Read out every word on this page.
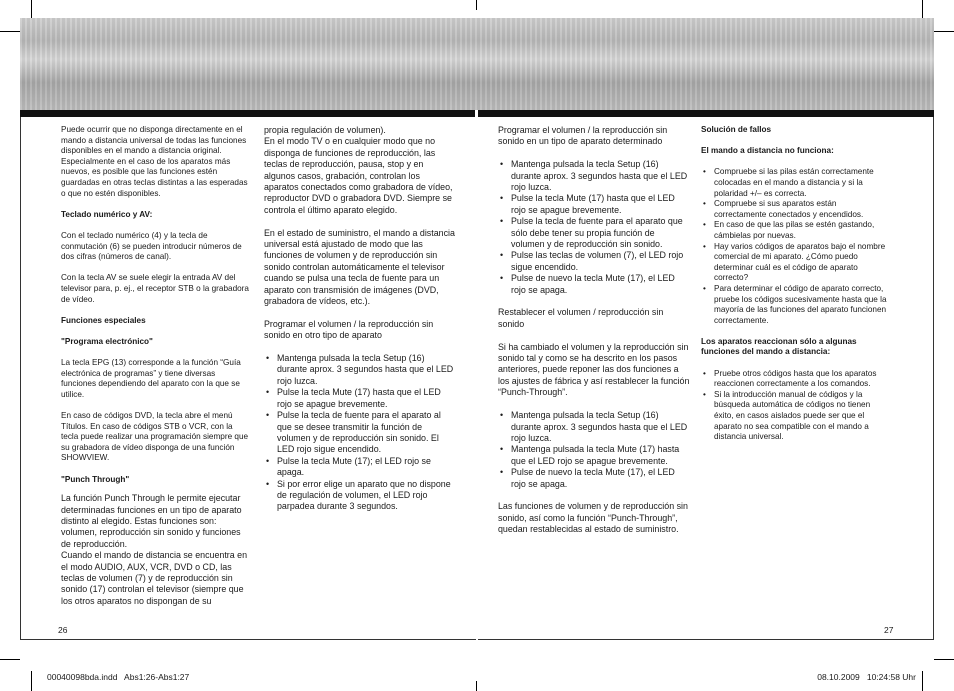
Puede ocurrir que no disponga directamente en el mando a distancia universal de todas las funciones disponibles en el mando a distancia original.
Especialmente en el caso de los aparatos más nuevos, es posible que las funciones estén guardadas en otras teclas distintas a las esperadas o que no estén disponibles.

Teclado numérico y AV:

Con el teclado numérico (4) y la tecla de conmutación (6) se pueden introducir números de dos cifras (números de canal).

Con la tecla AV se suele elegir la entrada AV del televisor para, p. ej., el receptor STB o la grabadora de vídeo.

Funciones especiales

"Programa electrónico"

La tecla EPG (13) corresponde a la función “Guía electrónica de programas” y tiene diversas funciones dependiendo del aparato con la que se utilice.

En caso de códigos DVD, la tecla abre el menú Títulos. En caso de códigos STB o VCR, con la tecla puede realizar una programación siempre que su grabadora de vídeo disponga de una función SHOWVIEW.

"Punch Through"

La función Punch Through le permite ejecutar determinadas funciones en un tipo de aparato distinto al elegido. Estas funciones son: volumen, reproducción sin sonido y funciones de reproducción.
Cuando el mando de distancia se encuentra en el modo AUDIO, AUX, VCR, DVD o CD, las teclas de volumen (7) y de reproducción sin sonido (17) controlan el televisor (siempre que los otros aparatos no dispongan de su

propia regulación de volumen).
En el modo TV o en cualquier modo que no disponga de funciones de reproducción, las teclas de reproducción, pausa, stop y en algunos casos, grabación, controlan los aparatos conectados como grabadora de vídeo, reproductor DVD o grabadora DVD. Siempre se controla el último aparato elegido.

En el estado de suministro, el mando a distancia universal está ajustado de modo que las funciones de volumen y de reproducción sin sonido controlan automáticamente el televisor cuando se pulsa una tecla de fuente para un aparato con transmisión de imágenes (DVD, grabadora de vídeos, etc.).

Programar el volumen / la reproducción sin sonido en otro tipo de aparato

• Mantenga pulsada la tecla Setup (16) durante aprox. 3 segundos hasta que el LED rojo luzca.
• Pulse la tecla Mute (17) hasta que el LED rojo se apague brevemente.
• Pulse la tecla de fuente para el aparato al que se desee transmitir la función de volumen y de reproducción sin sonido. El LED rojo sigue encendido.
• Pulse la tecla Mute (17); el LED rojo se apaga.
• Si por error elige un aparato que no dispone de regulación de volumen, el LED rojo parpadea durante 3 segundos.

Programar el volumen / la reproducción sin sonido en un tipo de aparato determinado

• Mantenga pulsada la tecla Setup (16) durante aprox. 3 segundos hasta que el LED rojo luzca.
• Pulse la tecla Mute (17) hasta que el LED rojo se apague brevemente.
• Pulse la tecla de fuente para el aparato que sólo debe tener su propia función de volumen y de reproducción sin sonido.
• Pulse las teclas de volumen (7), el LED rojo sigue encendido.
• Pulse de nuevo la tecla Mute (17), el LED rojo se apaga.

Restablecer el volumen / reproducción sin sonido

Si ha cambiado el volumen y la reproducción sin sonido tal y como se ha descrito en los pasos anteriores, puede reponer las dos funciones a los ajustes de fábrica y así restablecer la función “Punch-Through”.

• Mantenga pulsada la tecla Setup (16) durante aprox. 3 segundos hasta que el LED rojo luzca.
• Mantenga pulsada la tecla Mute (17) hasta que el LED rojo se apague brevemente.
• Pulse de nuevo la tecla Mute (17), el LED rojo se apaga.

Las funciones de volumen y de reproducción sin sonido, así como la función “Punch-Through”, quedan restablecidas al estado de suministro.

Solución de fallos

El mando a distancia no funciona:

• Compruebe si las pilas están correctamente colocadas en el mando a distancia y si la polaridad +/– es correcta.
• Compruebe si sus aparatos están correctamente conectados y encendidos.
• En caso de que las pilas se estén gastando, cámbielas por nuevas.
• Hay varios códigos de aparatos bajo el nombre comercial de mi aparato. ¿Cómo puedo determinar cuál es el código de aparato correcto?
• Para determinar el código de aparato correcto, pruebe los códigos sucesivamente hasta que la mayoría de las funciones del aparato funcionen correctamente.

Los aparatos reaccionan sólo a algunas funciones del mando a distancia:

• Pruebe otros códigos hasta que los aparatos reaccionen correctamente a los comandos.
• Si la introducción manual de códigos y la búsqueda automática de códigos no tienen éxito, en casos aislados puede ser que el aparato no sea compatible con el mando a distancia universal.
26	27
00040098bda.indd   Abs1:26-Abs1:27	08.10.2009   10:24:58 Uhr
